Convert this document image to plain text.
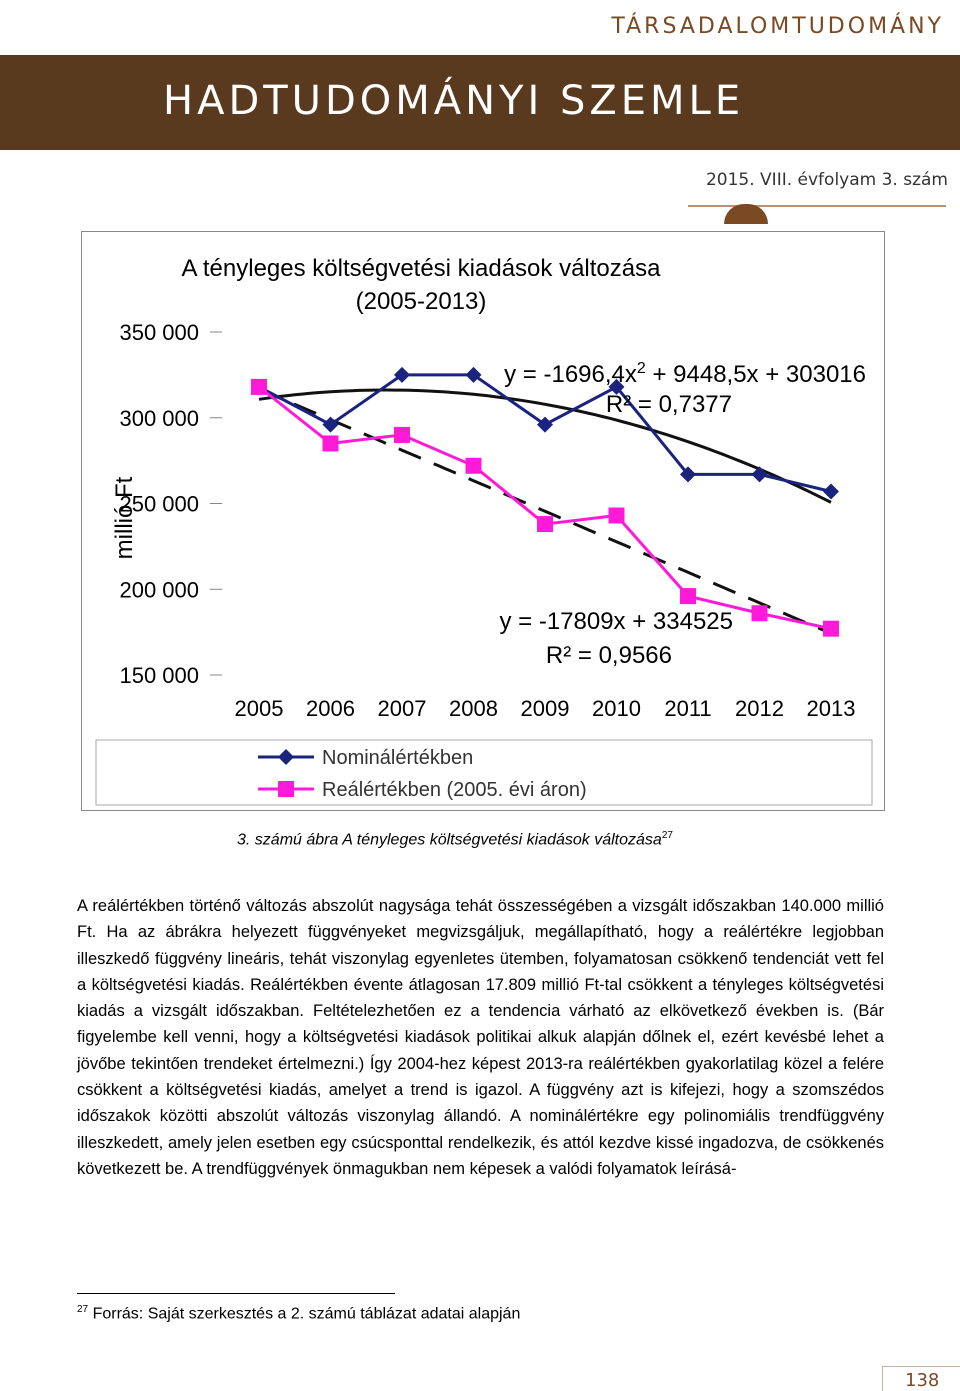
TÁRSADALOMTUDOMÁNY
HADTUDOMÁNYI SZEMLE
2015. VIII. évfolyam 3. szám
A tényleges költségvetési kiadások változása
(2005-2013)
millió Ft
150 000
200 000
250 000
300 000
350 000
2005 2006 2007 2008 2009 2010 2011 2012 2013
$y = -1696,4x^2 + 9448,5x + 303016$
R² = 0,7377
y = -17809x + 334525
R² = 0,9566
Nominálértékben
Reálértékben (2005. évi áron)
3. számú ábra A tényleges költségvetési kiadások változása$^{27}$

A reálértékben történő változás abszolút nagysága tehát összességében a vizsgált időszakban 140.000 millió Ft. Ha az ábrákra helyezett függvényeket megvizsgáljuk, megállapítható, hogy a reálértékre legjobban illeszkedő függvény lineáris, tehát viszonylag egyenletes ütemben, folyamatosan csökkenő tendenciát vett fel a költségvetési kiadás. Reálértékben évente átlagosan 17.809 millió Ft-tal csökkent a tényleges költségvetési kiadás a vizsgált időszakban. Feltételezhetően ez a tendencia várható az elkövetkező években is. (Bár figyelembe kell venni, hogy a költségvetési kiadások politikai alkuk alapján dőlnek el, ezért kevésbé lehet a jövőbe tekintően trendeket értelmezni.) Így 2004-hez képest 2013-ra reálértékben gyakorlatilag közel a felére csökkent a költségvetési kiadás, amelyet a trend is igazol. A függvény azt is kifejezi, hogy a szomszédos időszakok közötti abszolút változás viszonylag állandó. A nominálértékre egy polinomiális trendfüggvény illeszkedett, amely jelen esetben egy csúcsponttal rendelkezik, és attól kezdve kissé ingadozva, de csökkenés következett be. A trendfüggvények önmagukban nem képesek a valódi folyamatok leírásá-

$^{27}$ Forrás: Saját szerkesztés a 2. számú táblázat adatai alapján
138
